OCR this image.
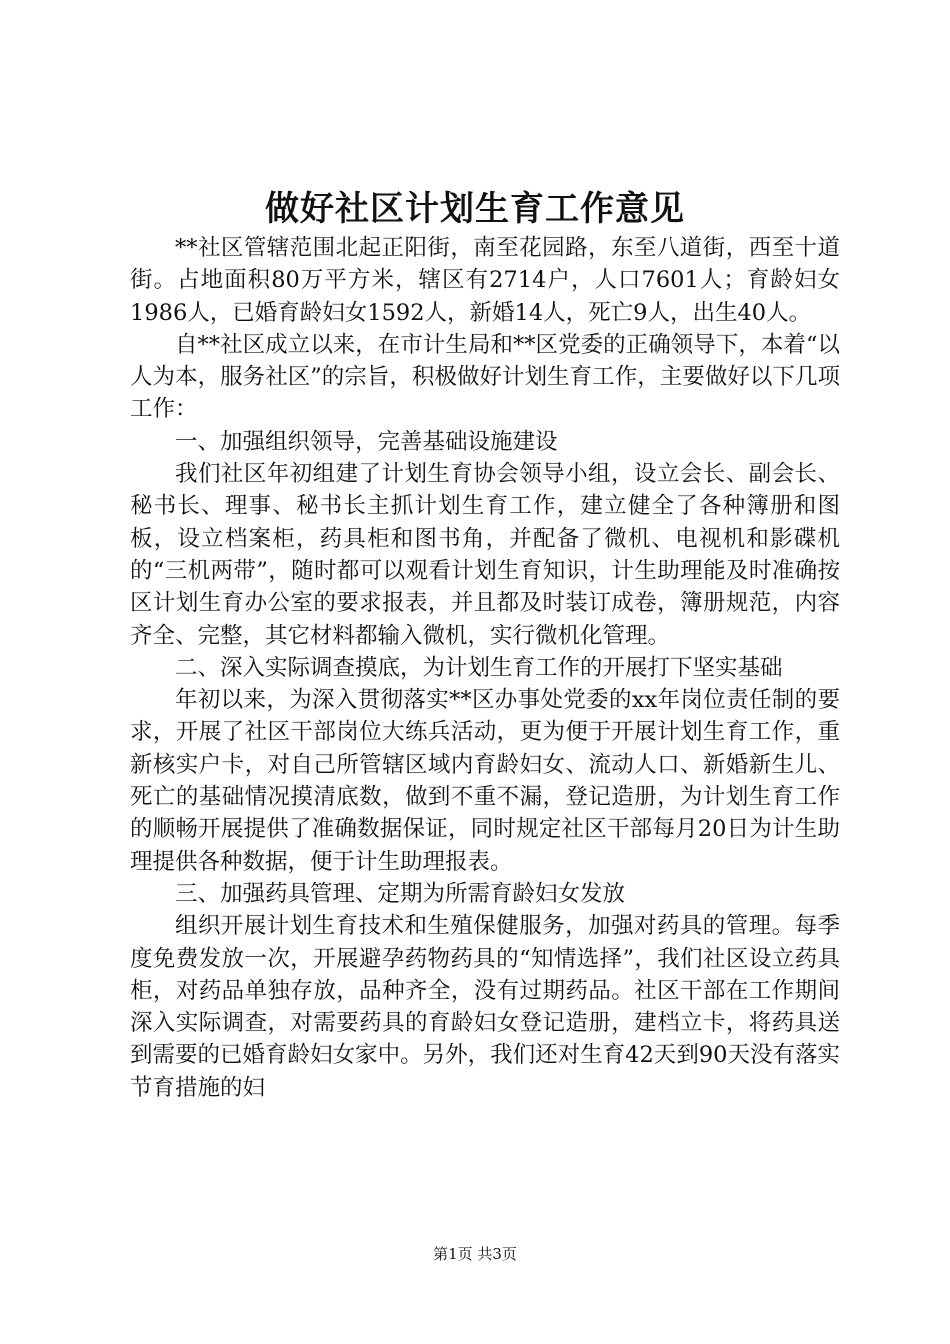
做好社区计划生育工作意见

**社区管辖范围北起正阳街，南至花园路，东至八道街，西至十道街。占地面积80万平方米，辖区有2714户，人口7601人；育龄妇女1986人，已婚育龄妇女1592人，新婚14人，死亡9人，出生40人。

自**社区成立以来，在市计生局和**区党委的正确领导下，本着“以人为本，服务社区”的宗旨，积极做好计划生育工作，主要做好以下几项工作：

一、加强组织领导，完善基础设施建设

我们社区年初组建了计划生育协会领导小组，设立会长、副会长、秘书长、理事、秘书长主抓计划生育工作，建立健全了各种簿册和图板，设立档案柜，药具柜和图书角，并配备了微机、电视机和影碟机的“三机两带”，随时都可以观看计划生育知识，计生助理能及时准确按区计划生育办公室的要求报表，并且都及时装订成卷，簿册规范，内容齐全、完整，其它材料都输入微机，实行微机化管理。

二、深入实际调查摸底，为计划生育工作的开展打下坚实基础

年初以来，为深入贯彻落实**区办事处党委的xx年岗位责任制的要求，开展了社区干部岗位大练兵活动，更为便于开展计划生育工作，重新核实户卡，对自己所管辖区域内育龄妇女、流动人口、新婚新生儿、死亡的基础情况摸清底数，做到不重不漏，登记造册，为计划生育工作的顺畅开展提供了准确数据保证，同时规定社区干部每月20日为计生助理提供各种数据，便于计生助理报表。

三、加强药具管理、定期为所需育龄妇女发放

组织开展计划生育技术和生殖保健服务，加强对药具的管理。每季度免费发放一次，开展避孕药物药具的“知情选择”，我们社区设立药具柜，对药品单独存放，品种齐全，没有过期药品。社区干部在工作期间深入实际调查，对需要药具的育龄妇女登记造册，建档立卡，将药具送到需要的已婚育龄妇女家中。另外，我们还对生育42天到90天没有落实节育措施的妇

第1页 共3页
